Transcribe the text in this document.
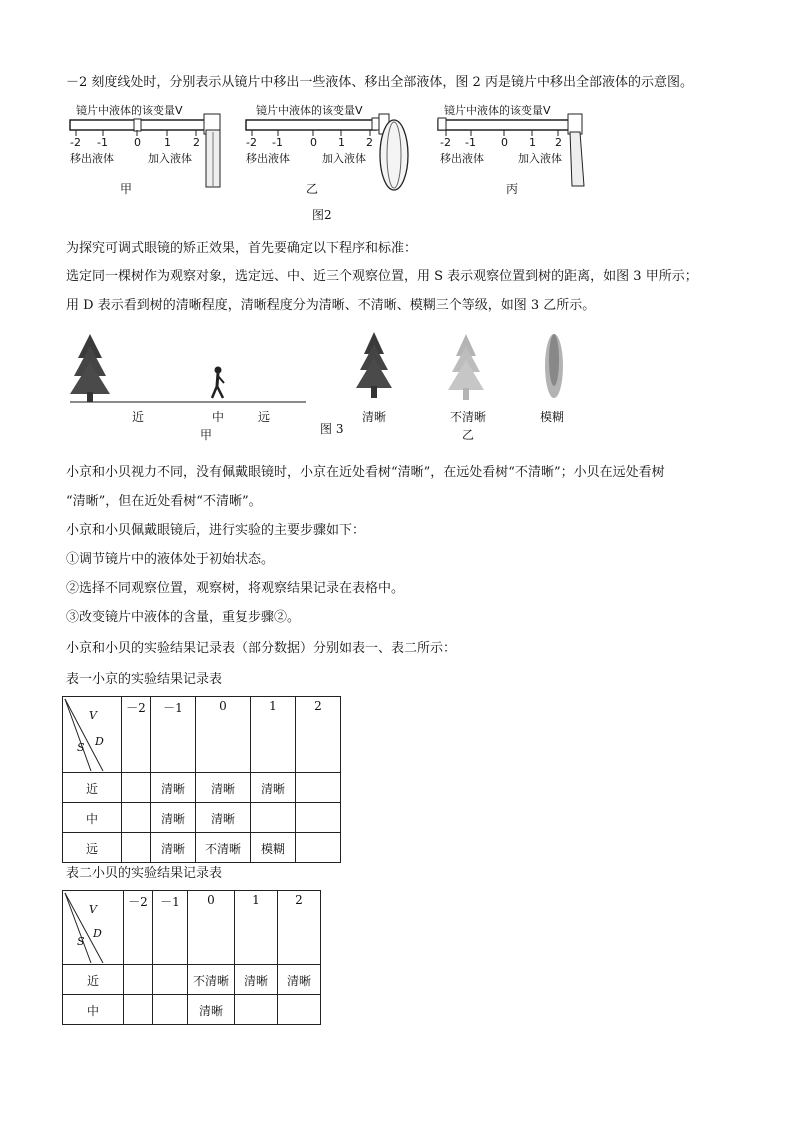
－2 刻度线处时，分别表示从镜片中移出一些液体、移出全部液体，图 2 丙是镜片中移出全部液体的示意图。
镜片中液体的该变量V
-2 -1 0 1 2
移出液体	加入液体
甲
镜片中液体的该变量V
-2 -1 0 1 2
移出液体	加入液体
乙
图2
镜片中液体的该变量V
-2 -1 0 1 2
移出液体	加入液体
丙
为探究可调式眼镜的矫正效果，首先要确定以下程序和标准：
选定同一棵树作为观察对象，选定远、中、近三个观察位置，用 S 表示观察位置到树的距离，如图 3 甲所示；
用 D 表示看到树的清晰程度，清晰程度分为清晰、不清晰、模糊三个等级，如图 3 乙所示。
近	中	远
甲	图 3
清晰	不清晰	模糊
乙
小京和小贝视力不同，没有佩戴眼镜时，小京在近处看树“清晰”，在远处看树“不清晰”；小贝在远处看树
“清晰”，但在近处看树“不清晰”。
小京和小贝佩戴眼镜后，进行实验的主要步骤如下：
①调节镜片中的液体处于初始状态。
②选择不同观察位置，观察树，将观察结果记录在表格中。
③改变镜片中液体的含量，重复步骤②。
小京和小贝的实验结果记录表（部分数据）分别如表一、表二所示：
表一小京的实验结果记录表
V
D
S	－2	－1	0	1	2
近		清晰	清晰	清晰	
中		清晰	清晰		
远		清晰	不清晰	模糊	
表二小贝的实验结果记录表
V
D
S	－2	－1	0	1	2
近			不清晰	清晰	清晰
中			清晰		
